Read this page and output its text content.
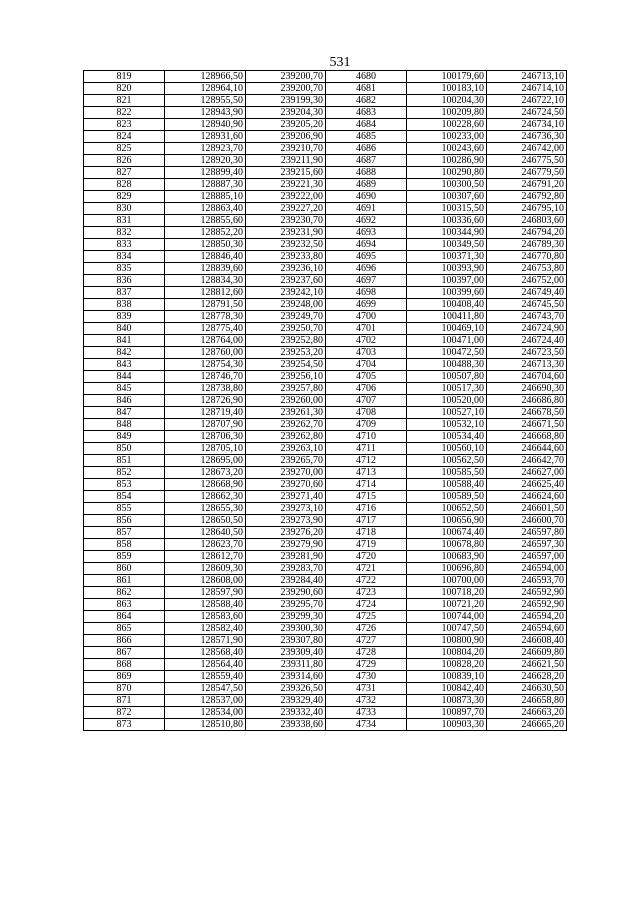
531
819	128966,50	239200,70	4680	100179,60	246713,10
820	128964,10	239200,70	4681	100183,10	246714,10
821	128955,50	239199,30	4682	100204,30	246722,10
822	128943,90	239204,30	4683	100209,80	246724,50
823	128940,90	239205,20	4684	100228,60	246734,10
824	128931,60	239206,90	4685	100233,00	246736,30
825	128923,70	239210,70	4686	100243,60	246742,00
826	128920,30	239211,90	4687	100286,90	246775,50
827	128899,40	239215,60	4688	100290,80	246779,50
828	128887,30	239221,30	4689	100300,50	246791,20
829	128885,10	239222,00	4690	100307,60	246792,80
830	128863,40	239227,20	4691	100315,50	246795,10
831	128855,60	239230,70	4692	100336,60	246803,60
832	128852,20	239231,90	4693	100344,90	246794,20
833	128850,30	239232,50	4694	100349,50	246789,30
834	128846,40	239233,80	4695	100371,30	246770,80
835	128839,60	239236,10	4696	100393,90	246753,80
836	128834,30	239237,60	4697	100397,00	246752,00
837	128812,60	239242,10	4698	100399,60	246749,40
838	128791,50	239248,00	4699	100408,40	246745,50
839	128778,30	239249,70	4700	100411,80	246743,70
840	128775,40	239250,70	4701	100469,10	246724,90
841	128764,00	239252,80	4702	100471,00	246724,40
842	128760,00	239253,20	4703	100472,50	246723,50
843	128754,30	239254,50	4704	100488,30	246713,30
844	128746,70	239256,10	4705	100507,80	246704,60
845	128738,80	239257,80	4706	100517,30	246690,30
846	128726,90	239260,00	4707	100520,00	246686,80
847	128719,40	239261,30	4708	100527,10	246678,50
848	128707,90	239262,70	4709	100532,10	246671,50
849	128706,30	239262,80	4710	100534,40	246668,80
850	128705,10	239263,10	4711	100560,10	246644,60
851	128695,00	239265,70	4712	100562,50	246642,70
852	128673,20	239270,00	4713	100585,50	246627,00
853	128668,90	239270,60	4714	100588,40	246625,40
854	128662,30	239271,40	4715	100589,50	246624,60
855	128655,30	239273,10	4716	100652,50	246601,50
856	128650,50	239273,90	4717	100656,90	246600,70
857	128640,50	239276,20	4718	100674,40	246597,80
858	128623,70	239279,90	4719	100678,80	246597,30
859	128612,70	239281,90	4720	100683,90	246597,00
860	128609,30	239283,70	4721	100696,80	246594,00
861	128608,00	239284,40	4722	100700,00	246593,70
862	128597,90	239290,60	4723	100718,20	246592,90
863	128588,40	239295,70	4724	100721,20	246592,90
864	128583,60	239299,30	4725	100744,00	246594,20
865	128582,40	239300,30	4726	100747,50	246594,60
866	128571,90	239307,80	4727	100800,90	246608,40
867	128568,40	239309,40	4728	100804,20	246609,80
868	128564,40	239311,80	4729	100828,20	246621,50
869	128559,40	239314,60	4730	100839,10	246628,20
870	128547,50	239326,50	4731	100842,40	246630,50
871	128537,00	239329,40	4732	100873,30	246658,80
872	128534,00	239332,40	4733	100897,70	246663,20
873	128510,80	239338,60	4734	100903,30	246665,20
